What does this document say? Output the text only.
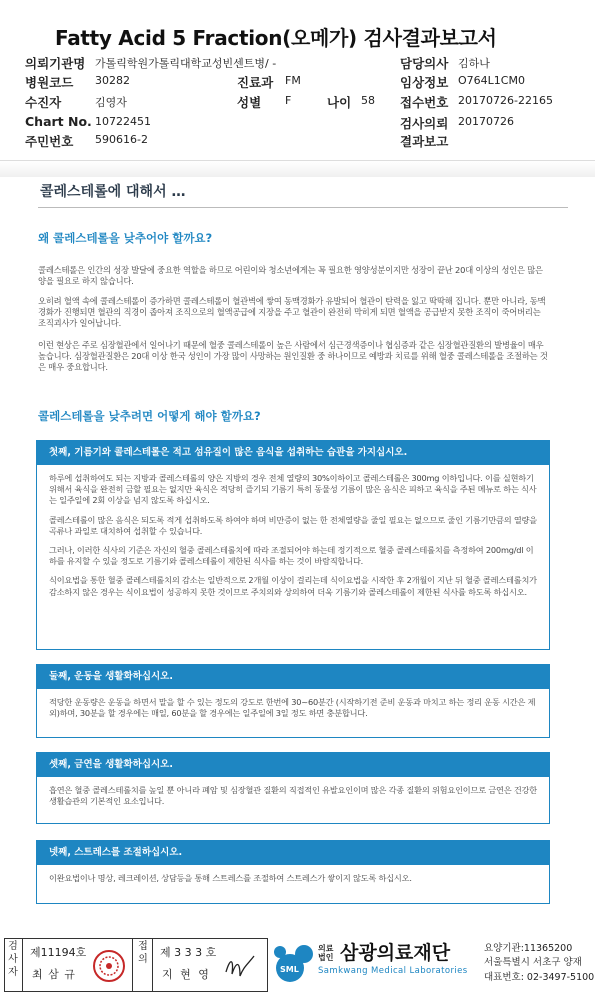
Fatty Acid 5 Fraction(오메가) 검사결과보고서
의뢰기관명 가톨릭학원가톨릭대학교성빈센트병/ -
병원코드 30282
수진자	김영자
Chart No. 10722451
주민번호 590616-2
진료과 FM
성별 F	나이 58
담당의사 김하나
임상정보 O764L1CM0
접수번호 20170726-22165
검사의뢰 20170726
결과보고
콜레스테롤에 대해서 …
왜 콜레스테롤을 낮추어야 할까요?
콜레스테롤은 인간의 성장 발달에 중요한 역할을 하므로 어린이와 청소년에게는 꼭 필요한 영양성분이지만 성장이 끝난 20대 이상의 성인은 많은 양을 필요로 하지 않습니다.
오히려 혈액 속에 콜레스테롤이 증가하면 콜레스테롤이 혈관벽에 쌓여 동맥경화가 유발되어 혈관이 탄력을 잃고 딱딱해 집니다. 뿐만 아니라, 동맥경화가 진행되면 혈관의 직경이 좁아져 조직으로의 혈액공급에 지장을 주고 혈관이 완전히 막히게 되면 혈액을 공급받지 못한 조직이 죽어버리는 조직괴사가 일어납니다.
이런 현상은 주로 심장혈관에서 일어나기 때문에 혈중 콜레스테롤이 높은 사람에서 심근경색증이나 협심증과 같은 심장혈관질환의 발병율이 매우 높습니다. 심장혈관질환은 20대 이상 한국 성인이 가장 많이 사망하는 원인질환 중 하나이므로 예방과 치료를 위해 혈중 콜레스테롤을 조절하는 것은 매우 중요합니다.
콜레스테롤을 낮추려면 어떻게 해야 할까요?
첫째, 기름기와 콜레스테롤은 적고 섬유질이 많은 음식을 섭취하는 습관을 가지십시오.

하루에 섭취하여도 되는 지방과 콜레스테롤의 양은 지방의 경우 전체 열량의 30%이하이고 콜레스테롤은 300mg 이하입니다. 이를 실현하기 위해서 육식을 완전히 금할 필요는 없지만 육식은 적당히 즐기되 기름기 특히 동물성 기름이 많은 음식은 피하고 육식을 주된 메뉴로 하는 식사는 일주일에 2회 이상을 넘지 않도록 하십시오.

콜레스테롤이 많은 음식은 되도록 적게 섭취하도록 하여야 하며 비만증이 없는 한 전체열량을 줄일 필요는 없으므로 줄인 기름기만큼의 열량을 곡류나 과일로 대치하여 섭취할 수 있습니다.

그러나, 이러한 식사의 기준은 자신의 혈중 콜레스테롤치에 따라 조절되어야 하는데 정기적으로 혈중 콜레스테롤치를 측정하여 200mg/dl 이하를 유지할 수 있을 정도로 기름기와 콜레스테롤이 제한된 식사를 하는 것이 바람직합니다.

식이요법을 통한 혈중 콜레스테롤치의 감소는 일반적으로 2개월 이상이 걸리는데 식이요법을 시작한 후 2개월이 지난 뒤 혈중 콜레스테롤치가 감소하지 않은 경우는 식이요법이 성공하지 못한 것이므로 주치의와 상의하여 더욱 기름기와 콜레스테롤이 제한된 식사를 하도록 하십시오.

둘째, 운동을 생활화하십시오.

적당한 운동량은 운동을 하면서 말을 할 수 있는 정도의 강도로 한번에 30~60분간 (시작하기전 준비 운동과 마치고 하는 정리 운동 시간은 제외)하며, 30분을 할 경우에는 매일, 60분을 할 경우에는 일주일에 3일 정도 하면 충분합니다.

셋째, 금연을 생활화하십시오.

흡연은 혈중 콜레스테롤치를 높일 뿐 아니라 폐암 및 심장혈관 질환의 직접적인 유발요인이며 많은 각종 질환의 위험요인이므로 금연은 건강한 생활습관의 기본적인 요소입니다.

넷째, 스트레스를 조절하십시오.

이완요법이나 명상, 레크레이션, 상담등을 통해 스트레스를 조절하여 스트레스가 쌓이지 않도록 하십시오.

검사자
제11194호
최 삼 규
접의
제 3 3 3 호
지 현 영	SML
의료법인 삼광의료재단
Samkwang Medical Laboratories
요양기관:11365200
서울특별시 서초구 양재
대표번호: 02-3497-5100
